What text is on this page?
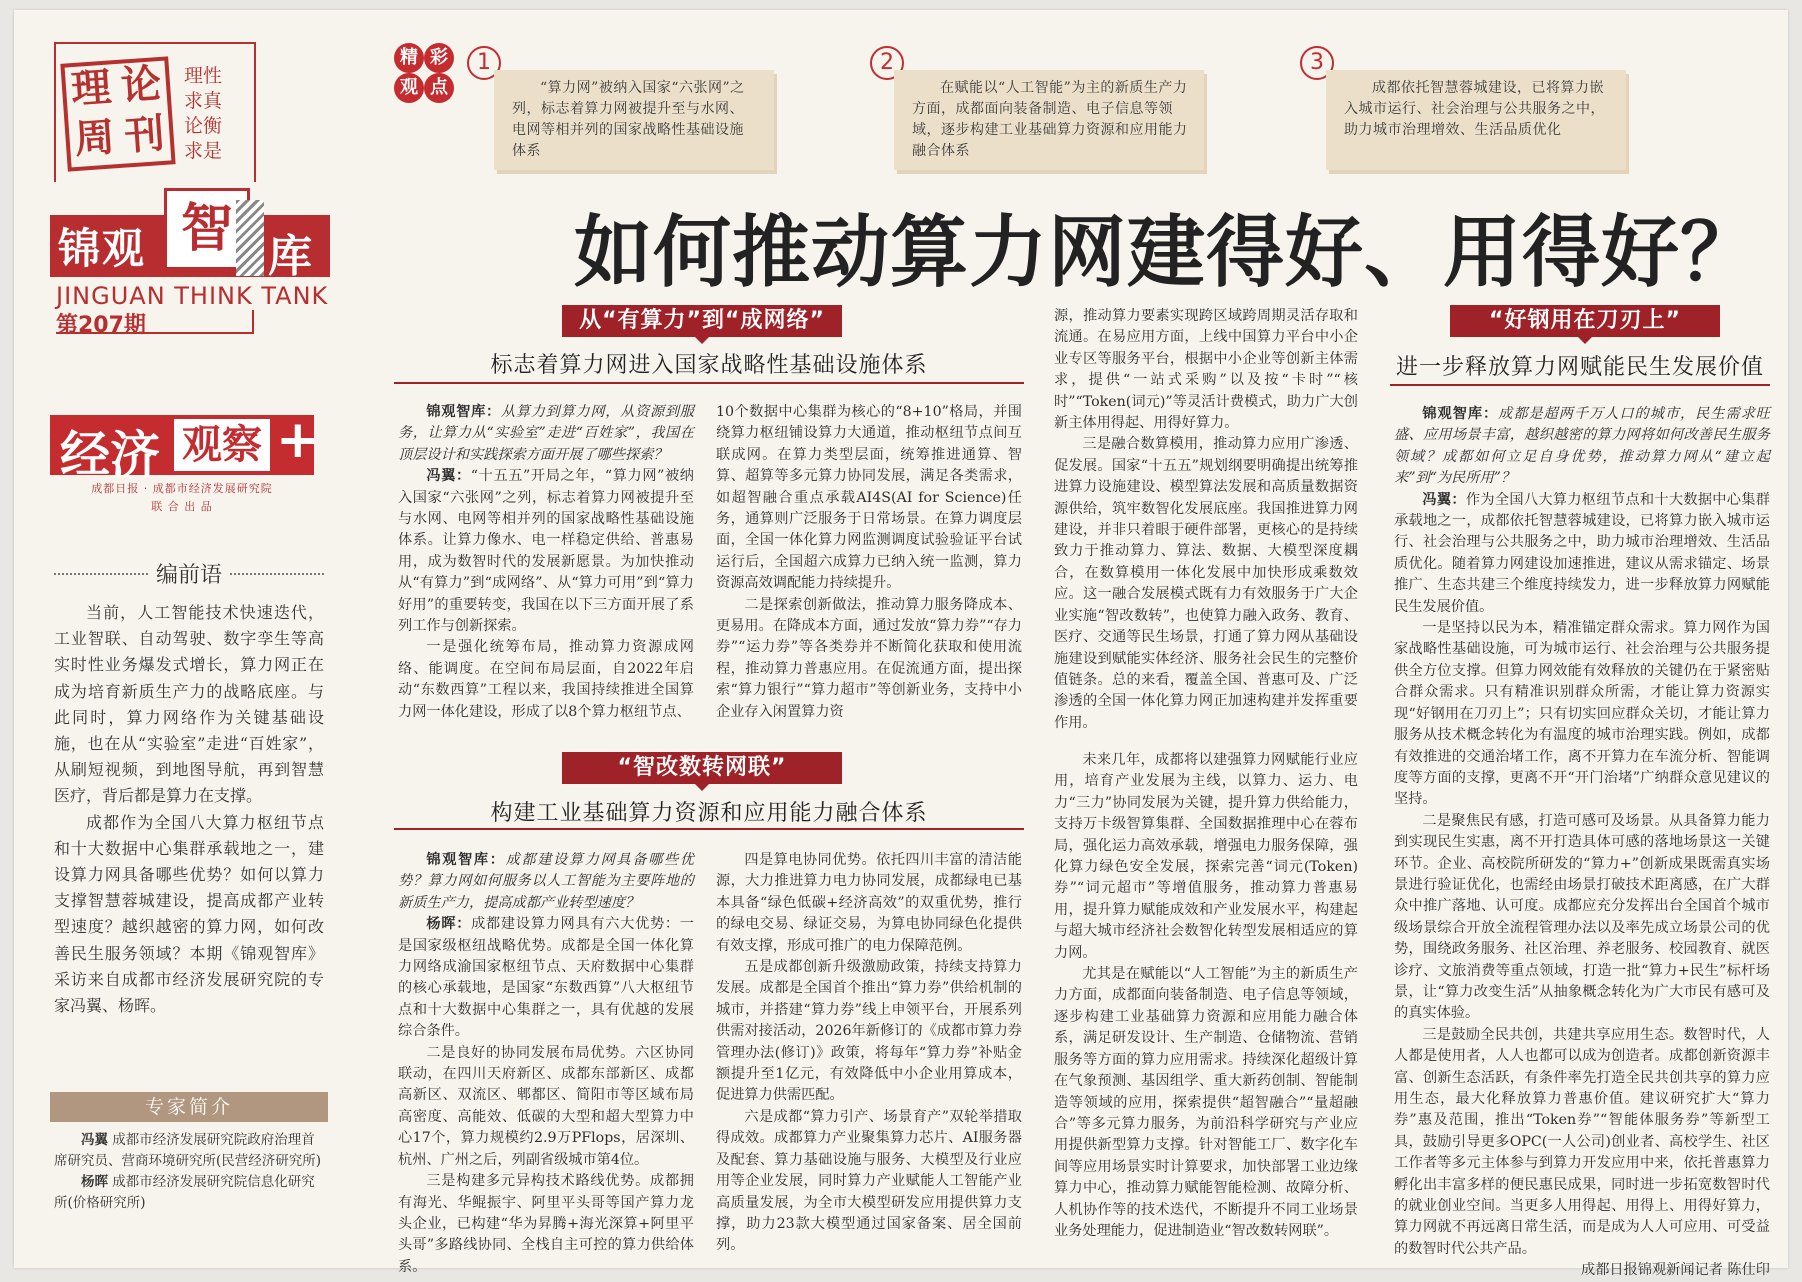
理 论
周 刊
理性求真论衡求是
锦观 智 库
JINGUAN THINK TANK
第207期
经济 观察 +
成都日报 · 成都市经济发展研究院
联 合 出 品
编前语

当前，人工智能技术快速迭代，工业智联、自动驾驶、数字孪生等高实时性业务爆发式增长，算力网正在成为培育新质生产力的战略底座。与此同时，算力网络作为关键基础设施，也在从“实验室”走进“百姓家”，从刷短视频，到地图导航，再到智慧医疗，背后都是算力在支撑。

成都作为全国八大算力枢纽节点和十大数据中心集群承载地之一，建设算力网具备哪些优势？如何以算力支撑智慧蓉城建设，提高成都产业转型速度？越织越密的算力网，如何改善民生服务领域？本期《锦观智库》采访来自成都市经济发展研究院的专家冯翼、杨晖。

专家简介

冯翼 成都市经济发展研究院政府治理首席研究员、营商环境研究所(民营经济研究所)

杨晖 成都市经济发展研究院信息化研究所(价格研究所)

精 彩
观 点
1
“算力网”被纳入国家“六张网”之列，标志着算力网被提升至与水网、电网等相并列的国家战略性基础设施体系
2
在赋能以“人工智能”为主的新质生产力方面，成都面向装备制造、电子信息等领域，逐步构建工业基础算力资源和应用能力融合体系
3
成都依托智慧蓉城建设，已将算力嵌入城市运行、社会治理与公共服务之中，助力城市治理增效、生活品质优化
如何推动算力网建得好、用得好？
从“有算力”到“成网络”
标志着算力网进入国家战略性基础设施体系

锦观智库：从算力到算力网，从资源到服务，让算力从“实验室”走进“百姓家”，我国在顶层设计和实践探索方面开展了哪些探索？

冯翼：“十五五”开局之年，“算力网”被纳入国家“六张网”之列，标志着算力网被提升至与水网、电网等相并列的国家战略性基础设施体系。让算力像水、电一样稳定供给、普惠易用，成为数智时代的发展新愿景。为加快推动从“有算力”到“成网络”、从“算力可用”到“算力好用”的重要转变，我国在以下三方面开展了系列工作与创新探索。

一是强化统筹布局，推动算力资源成网络、能调度。在空间布局层面，自2022年启动“东数西算”工程以来，我国持续推进全国算力网一体化建设，形成了以8个算力枢纽节点、

10个数据中心集群为核心的“8+10”格局，并围绕算力枢纽铺设算力大通道，推动枢纽节点间互联成网。在算力类型层面，统筹推进通算、智算、超算等多元算力协同发展，满足各类需求，如超智融合重点承载AI4S(AI for Science)任务，通算则广泛服务于日常场景。在算力调度层面，全国一体化算力网监测调度试验验证平台试运行后，全国超六成算力已纳入统一监测，算力资源高效调配能力持续提升。

二是探索创新做法，推动算力服务降成本、更易用。在降成本方面，通过发放“算力券”“存力券”“运力券”等各类券并不断简化获取和使用流程，推动算力普惠应用。在促流通方面，提出探索“算力银行”“算力超市”等创新业务，支持中小企业存入闲置算力资

源，推动算力要素实现跨区域跨周期灵活存取和流通。在易应用方面，上线中国算力平台中小企业专区等服务平台，根据中小企业等创新主体需求，提供“一站式采购”以及按“卡时”“核时”“Token(词元)”等灵活计费模式，助力广大创新主体用得起、用得好算力。

三是融合数算模用，推动算力应用广渗透、促发展。国家“十五五”规划纲要明确提出统筹推进算力设施建设、模型算法发展和高质量数据资源供给，筑牢数智化发展底座。我国推进算力网建设，并非只着眼于硬件部署，更核心的是持续致力于推动算力、算法、数据、大模型深度耦合，在数算模用一体化发展中加快形成乘数效应。这一融合发展模式既有力有效服务于广大企业实施“智改数转”，也使算力融入政务、教育、医疗、交通等民生场景，打通了算力网从基础设施建设到赋能实体经济、服务社会民生的完整价值链条。总的来看，覆盖全国、普惠可及、广泛渗透的全国一体化算力网正加速构建并发挥重要作用。

“智改数转网联”
构建工业基础算力资源和应用能力融合体系

锦观智库：成都建设算力网具备哪些优势？算力网如何服务以人工智能为主要阵地的新质生产力，提高成都产业转型速度？

杨晖：成都建设算力网具有六大优势：一是国家级枢纽战略优势。成都是全国一体化算力网络成渝国家枢纽节点、天府数据中心集群的核心承载地，是国家“东数西算”八大枢纽节点和十大数据中心集群之一，具有优越的发展综合条件。

二是良好的协同发展布局优势。六区协同联动，在四川天府新区、成都东部新区、成都高新区、双流区、郫都区、简阳市等区域布局高密度、高能效、低碳的大型和超大型算力中心17个，算力规模约2.9万PFlops，居深圳、杭州、广州之后，列副省级城市第4位。

三是构建多元异构技术路线优势。成都拥有海光、华鲲振宇、阿里平头哥等国产算力龙头企业，已构建“华为昇腾+海光深算+阿里平头哥”多路线协同、全栈自主可控的算力供给体系。

四是算电协同优势。依托四川丰富的清洁能源，大力推进算力电力协同发展，成都绿电已基本具备“绿色低碳+经济高效”的双重优势，推行的绿电交易、绿证交易，为算电协同绿色化提供有效支撑，形成可推广的电力保障范例。

五是成都创新升级激励政策，持续支持算力发展。成都是全国首个推出“算力券”供给机制的城市，并搭建“算力券”线上申领平台，开展系列供需对接活动，2026年新修订的《成都市算力券管理办法(修订)》政策，将每年“算力券”补贴金额提升至1亿元，有效降低中小企业用算成本，促进算力供需匹配。

六是成都“算力引产、场景育产”双轮举措取得成效。成都算力产业聚集算力芯片、AI服务器及配套、算力基础设施与服务、大模型及行业应用等企业发展，同时算力产业赋能人工智能产业高质量发展，为全市大模型研发应用提供算力支撑，助力23款大模型通过国家备案、居全国前列。

未来几年，成都将以建强算力网赋能行业应用，培育产业发展为主线，以算力、运力、电力“三力”协同发展为关键，提升算力供给能力，支持万卡级智算集群、全国数据推理中心在蓉布局，强化运力高效承载，增强电力服务保障，强化算力绿色安全发展，探索完善“词元(Token)券”“词元超市”等增值服务，推动算力普惠易用，提升算力赋能成效和产业发展水平，构建起与超大城市经济社会数智化转型发展相适应的算力网。

尤其是在赋能以“人工智能”为主的新质生产力方面，成都面向装备制造、电子信息等领域，逐步构建工业基础算力资源和应用能力融合体系，满足研发设计、生产制造、仓储物流、营销服务等方面的算力应用需求。持续深化超级计算在气象预测、基因组学、重大新药创制、智能制造等领域的应用，探索提供“超智融合”“量超融合”等多元算力服务，为前沿科学研究与产业应用提供新型算力支撑。针对智能工厂、数字化车间等应用场景实时计算要求，加快部署工业边缘算力中心，推动算力赋能智能检测、故障分析、人机协作等的技术迭代，不断提升不同工业场景业务处理能力，促进制造业“智改数转网联”。

“好钢用在刀刃上”
进一步释放算力网赋能民生发展价值

锦观智库：成都是超两千万人口的城市，民生需求旺盛、应用场景丰富，越织越密的算力网将如何改善民生服务领域？成都如何立足自身优势，推动算力网从“建立起来”到“为民所用”？

冯翼：作为全国八大算力枢纽节点和十大数据中心集群承载地之一，成都依托智慧蓉城建设，已将算力嵌入城市运行、社会治理与公共服务之中，助力城市治理增效、生活品质优化。随着算力网建设加速推进，建议从需求锚定、场景推广、生态共建三个维度持续发力，进一步释放算力网赋能民生发展价值。

一是坚持以民为本，精准锚定群众需求。算力网作为国家战略性基础设施，可为城市运行、社会治理与公共服务提供全方位支撑。但算力网效能有效释放的关键仍在于紧密贴合群众需求。只有精准识别群众所需，才能让算力资源实现“好钢用在刀刃上”；只有切实回应群众关切，才能让算力服务从技术概念转化为有温度的城市治理实践。例如，成都有效推进的交通治堵工作，离不开算力在车流分析、智能调度等方面的支撑，更离不开“开门治堵”广纳群众意见建议的坚持。

二是聚焦民有感，打造可感可及场景。从具备算力能力到实现民生实惠，离不开打造具体可感的落地场景这一关键环节。企业、高校院所研发的“算力+”创新成果既需真实场景进行验证优化，也需经由场景打破技术距离感，在广大群众中推广落地、认可度。成都应充分发挥出台全国首个城市级场景综合开放全流程管理办法以及率先成立场景公司的优势，围绕政务服务、社区治理、养老服务、校园教育、就医诊疗、文旅消费等重点领域，打造一批“算力+民生”标杆场景，让“算力改变生活”从抽象概念转化为广大市民有感可及的真实体验。

三是鼓励全民共创，共建共享应用生态。数智时代，人人都是使用者，人人也都可以成为创造者。成都创新资源丰富、创新生态活跃，有条件率先打造全民共创共享的算力应用生态，最大化释放算力普惠价值。建议研究扩大“算力券”惠及范围，推出“Token券”“智能体服务券”等新型工具，鼓励引导更多OPC(一人公司)创业者、高校学生、社区工作者等多元主体参与到算力开发应用中来，依托普惠算力孵化出丰富多样的便民惠民成果，同时进一步拓宽数智时代的就业创业空间。当更多人用得起、用得上、用得好算力，算力网就不再远离日常生活，而是成为人人可应用、可受益的数智时代公共产品。

成都日报锦观新闻记者 陈仕印
